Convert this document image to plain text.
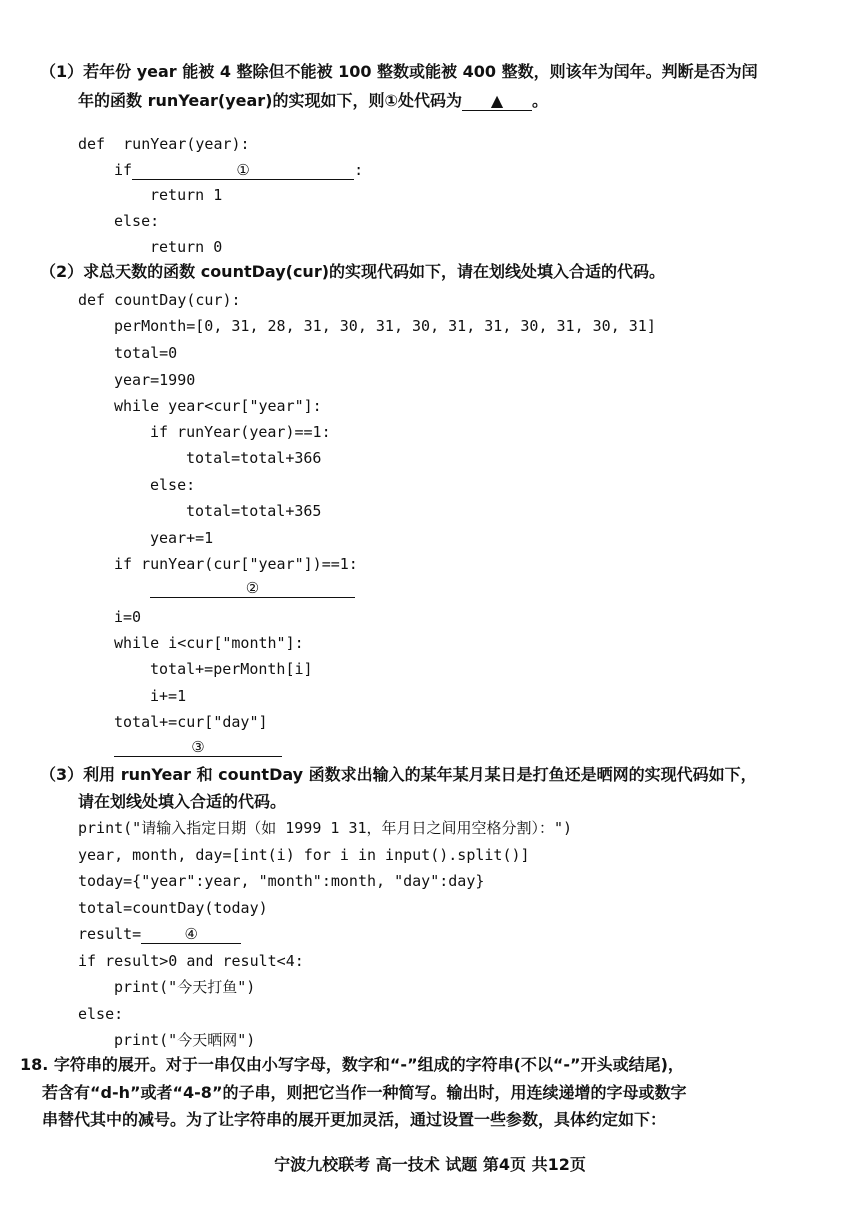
（1）若年份 year 能被 4 整除但不能被 100 整数或能被 400 整数，则该年为闰年。判断是否为闰
年的函数 runYear(year)的实现如下，则①处代码为 ▲ 。
def  runYear(year):
if	①	:
return 1
else:
return 0
（2）求总天数的函数 countDay(cur)的实现代码如下，请在划线处填入合适的代码。
def countDay(cur):
perMonth=[0, 31, 28, 31, 30, 31, 30, 31, 31, 30, 31, 30, 31]
total=0
year=1990
while year<cur["year"]:
if runYear(year)==1:
total=total+366
else:
total=total+365
year+=1
if runYear(cur["year"])==1:
②
i=0
while i<cur["month"]:
total+=perMonth[i]
i+=1
total+=cur["day"]
③
（3）利用 runYear 和 countDay 函数求出输入的某年某月某日是打鱼还是晒网的实现代码如下，
请在划线处填入合适的代码。
print("请输入指定日期（如 1999 1 31，年月日之间用空格分割）：")
year, month, day=[int(i) for i in input().split()]
today={"year":year, "month":month, "day":day}
total=countDay(today)
result=	④
if result>0 and result<4:
print("今天打鱼")
else:
print("今天晒网")
18. 字符串的展开。对于一串仅由小写字母，数字和“-”组成的字符串(不以“-”开头或结尾)，
若含有“d-h”或者“4-8”的子串，则把它当作一种简写。输出时，用连续递增的字母或数字
串替代其中的减号。为了让字符串的展开更加灵活，通过设置一些参数，具体约定如下：
宁波九校联考 高一技术 试题 第4页 共12页
